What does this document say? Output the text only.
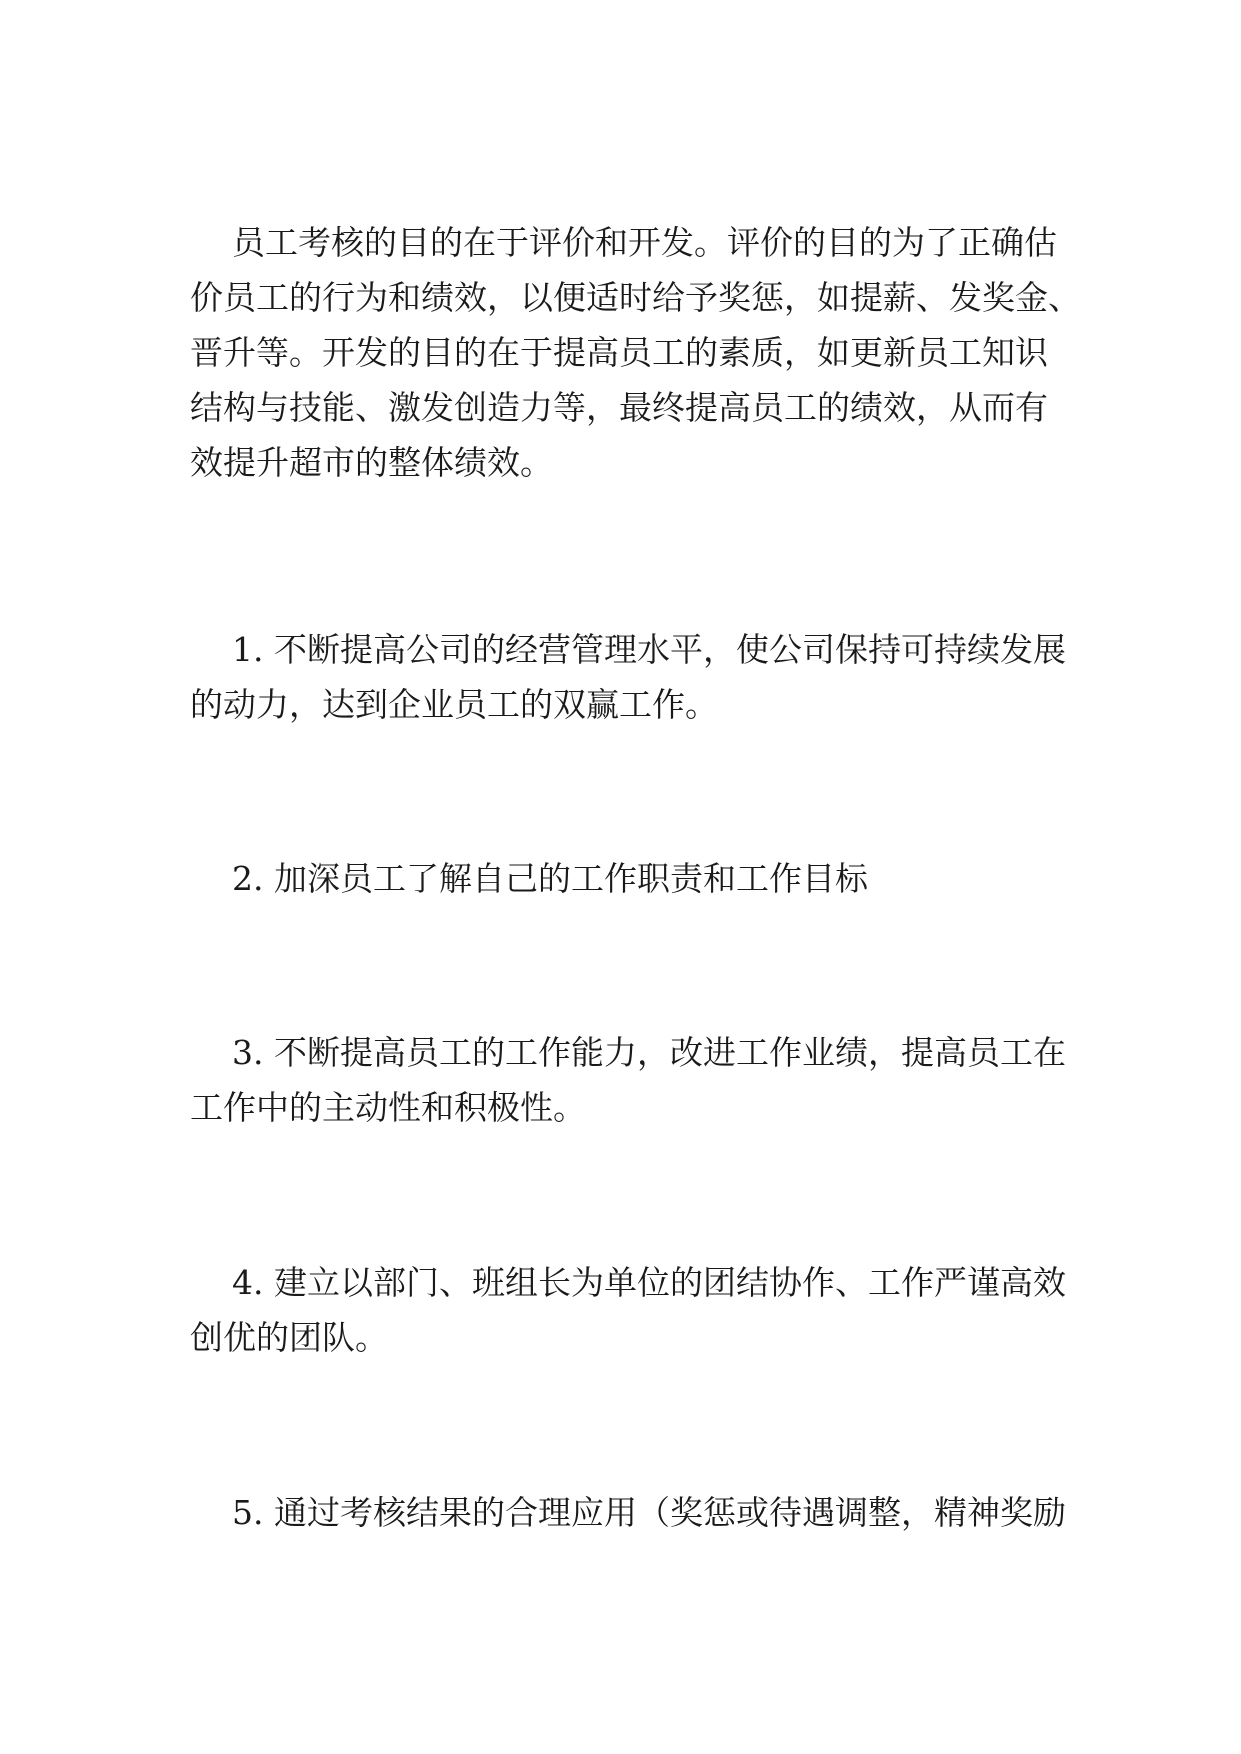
员工考核的目的在于评价和开发。评价的目的为了正确估
价员工的行为和绩效，以便适时给予奖惩，如提薪、发奖金、
晋升等。开发的目的在于提高员工的素质，如更新员工知识
结构与技能、激发创造力等，最终提高员工的绩效，从而有
效提升超市的整体绩效。
1. 不断提高公司的经营管理水平，使公司保持可持续发展
的动力，达到企业员工的双赢工作。
2. 加深员工了解自己的工作职责和工作目标
3. 不断提高员工的工作能力，改进工作业绩，提高员工在
工作中的主动性和积极性。
4. 建立以部门、班组长为单位的团结协作、工作严谨高效
创优的团队。
5. 通过考核结果的合理应用（奖惩或待遇调整，精神奖励
